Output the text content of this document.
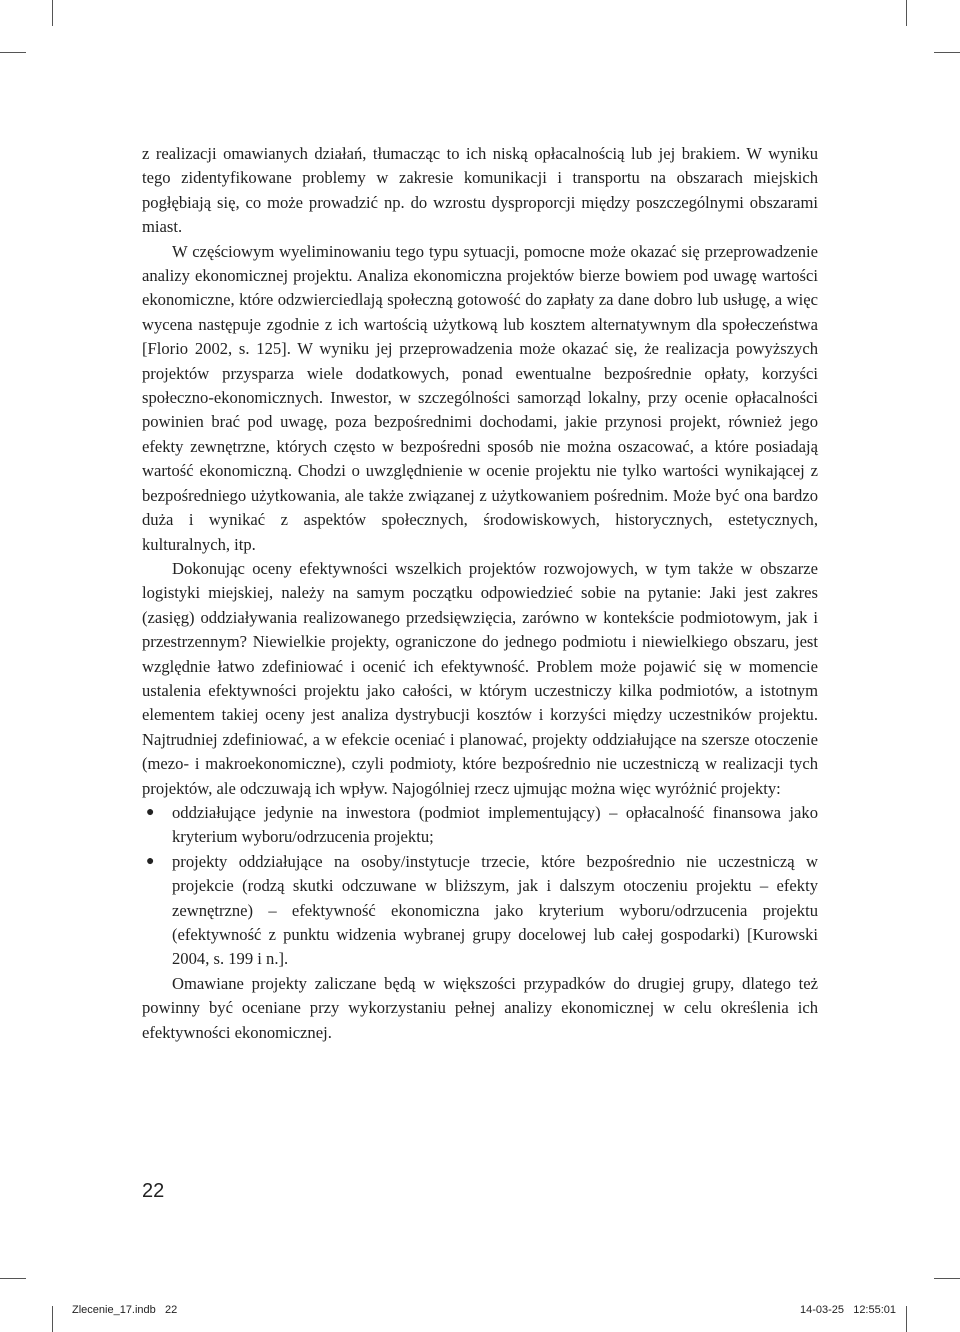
z realizacji omawianych działań, tłumacząc to ich niską opłacalnością lub jej brakiem. W wyniku tego zidentyfikowane problemy w zakresie komunikacji i transportu na obszarach miejskich pogłębiają się, co może prowadzić np. do wzrostu dysproporcji między poszczególnymi obszarami miast.

W częściowym wyeliminowaniu tego typu sytuacji, pomocne może okazać się przeprowadzenie analizy ekonomicznej projektu. Analiza ekonomiczna projektów bierze bowiem pod uwagę wartości ekonomiczne, które odzwierciedlają społeczną gotowość do zapłaty za dane dobro lub usługę, a więc wycena następuje zgodnie z ich wartością użytkową lub kosztem alternatywnym dla społeczeństwa [Florio 2002, s. 125]. W wyniku jej przeprowadzenia może okazać się, że realizacja powyższych projektów przysparza wiele dodatkowych, ponad ewentualne bezpośrednie opłaty, korzyści społeczno-ekonomicznych. Inwestor, w szczególności samorząd lokalny, przy ocenie opłacalności powinien brać pod uwagę, poza bezpośrednimi dochodami, jakie przynosi projekt, również jego efekty zewnętrzne, których często w bezpośredni sposób nie można oszacować, a które posiadają wartość ekonomiczną. Chodzi o uwzględnienie w ocenie projektu nie tylko wartości wynikającej z bezpośredniego użytkowania, ale także związanej z użytkowaniem pośrednim. Może być ona bardzo duża i wynikać z aspektów społecznych, środowiskowych, historycznych, estetycznych, kulturalnych, itp.

Dokonując oceny efektywności wszelkich projektów rozwojowych, w tym także w obszarze logistyki miejskiej, należy na samym początku odpowiedzieć sobie na pytanie: Jaki jest zakres (zasięg) oddziaływania realizowanego przedsięwzięcia, zarówno w kontekście podmiotowym, jak i przestrzennym? Niewielkie projekty, ograniczone do jednego podmiotu i niewielkiego obszaru, jest względnie łatwo zdefiniować i ocenić ich efektywność. Problem może pojawić się w momencie ustalenia efektywności projektu jako całości, w którym uczestniczy kilka podmiotów, a istotnym elementem takiej oceny jest analiza dystrybucji kosztów i korzyści między uczestników projektu. Najtrudniej zdefiniować, a w efekcie oceniać i planować, projekty oddziałujące na szersze otoczenie (mezo- i makroekonomiczne), czyli podmioty, które bezpośrednio nie uczestniczą w realizacji tych projektów, ale odczuwają ich wpływ. Najogólniej rzecz ujmując można więc wyróżnić projekty:

● oddziałujące jedynie na inwestora (podmiot implementujący) – opłacalność finansowa jako kryterium wyboru/odrzucenia projektu;
● projekty oddziałujące na osoby/instytucje trzecie, które bezpośrednio nie uczestniczą w projekcie (rodzą skutki odczuwane w bliższym, jak i dalszym otoczeniu projektu – efekty zewnętrzne) – efektywność ekonomiczna jako kryterium wyboru/odrzucenia projektu (efektywność z punktu widzenia wybranej grupy docelowej lub całej gospodarki) [Kurowski 2004, s. 199 i n.].

Omawiane projekty zaliczane będą w większości przypadków do drugiej grupy, dlatego też powinny być oceniane przy wykorzystaniu pełnej analizy ekonomicznej w celu określenia ich efektywności ekonomicznej.

22
Zlecenie_17.indb   22	14-03-25   12:55:01
